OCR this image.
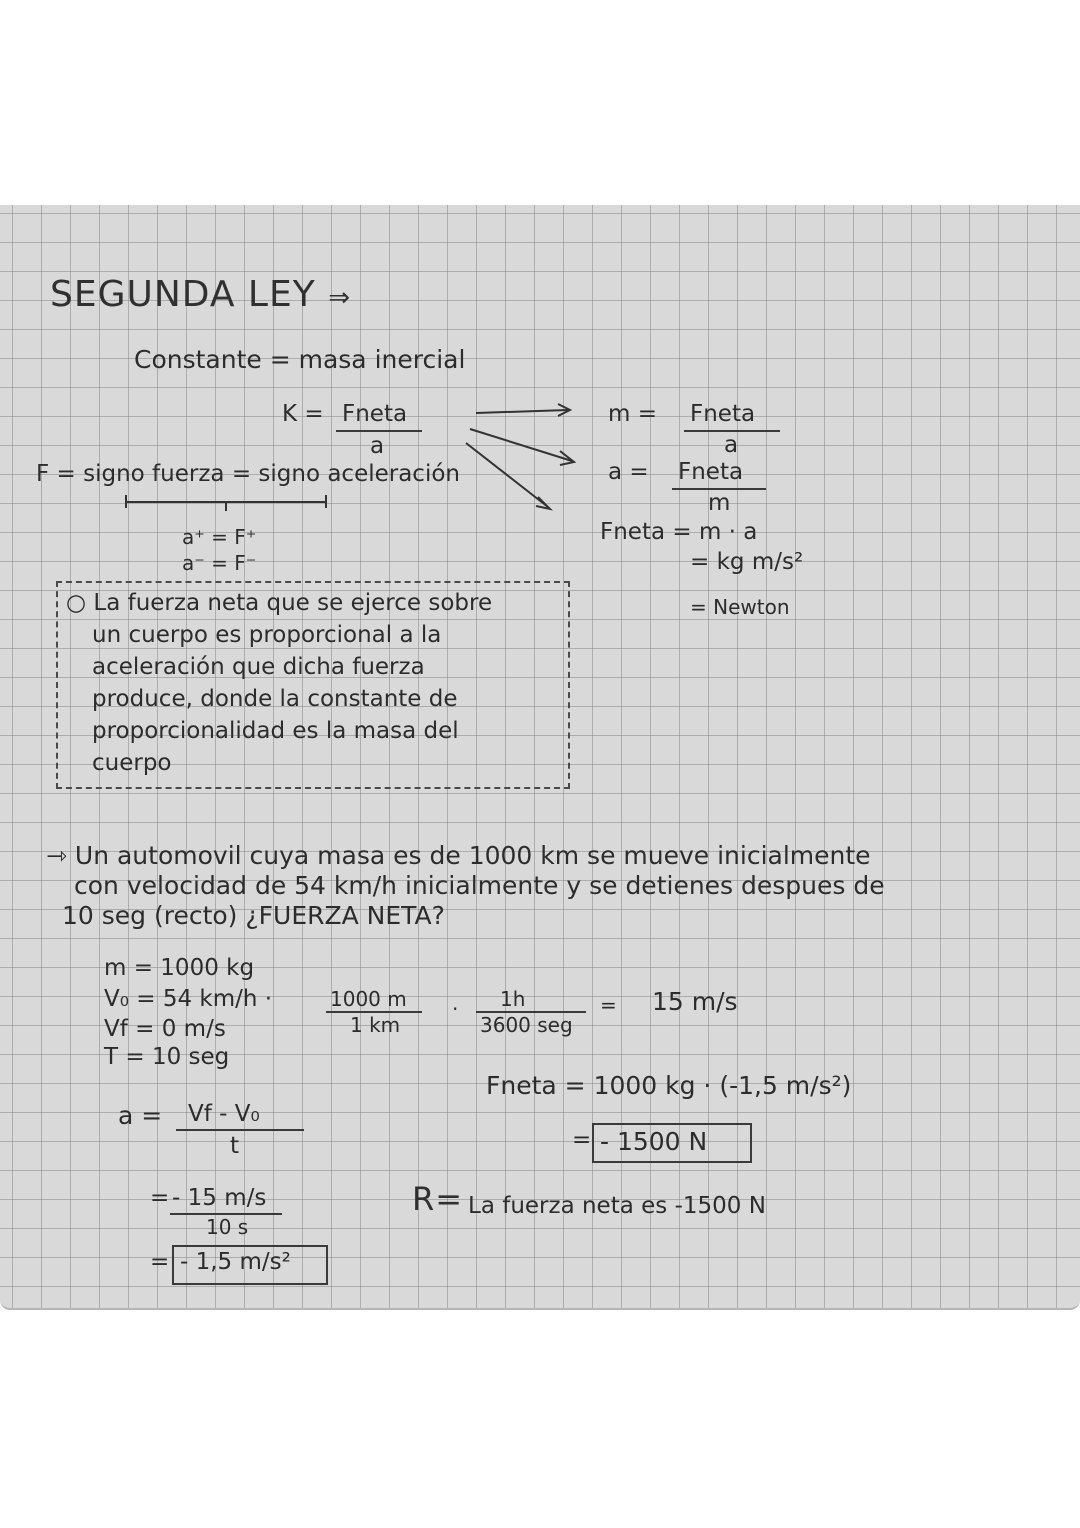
SEGUNDA LEY ⇒
Constante = masa inercial
K = Fneta
a
m = Fneta
a
a = Fneta
m
Fneta = m · a
= kg m/s²
= Newton
F = signo fuerza = signo aceleración
a⁺ = F⁺
a⁻ = F⁻
○ La fuerza neta que se ejerce sobre
un cuerpo es proporcional a la
aceleración que dicha fuerza
produce, donde la constante de
proporcionalidad es la masa del
cuerpo
⇾ Un automovil cuya masa es de 1000 km se mueve inicialmente
con velocidad de 54 km/h inicialmente y se detienes despues de
10 seg (recto) ¿FUERZA NETA?
m = 1000 kg
V₀ = 54 km/h ·	1000 m
1 km
· 1h
3600 seg
= 15 m/s
Vf = 0 m/s
T = 10 seg
a = Vf - V₀
t
= - 15 m/s
10 s
= - 1,5 m/s²
Fneta = 1000 kg · (-1,5 m/s²)
= - 1500 N
R= La fuerza neta es -1500 N
